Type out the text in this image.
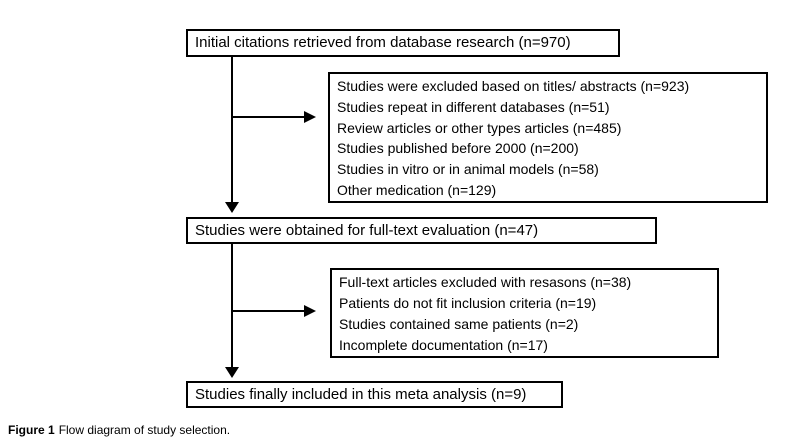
Initial citations retrieved from database research (n=970)
Studies were excluded based on titles/ abstracts (n=923)
Studies repeat in different databases (n=51)
Review articles or other types articles (n=485)
Studies published before 2000 (n=200)
Studies in vitro or in animal models (n=58)
Other medication (n=129)
Studies were obtained for full-text evaluation (n=47)
Full-text articles excluded with resasons (n=38)
Patients do not fit inclusion criteria (n=19)
Studies contained same patients (n=2)
Incomplete documentation (n=17)
Studies finally included in this meta analysis (n=9)
Figure 1 Flow diagram of study selection.
